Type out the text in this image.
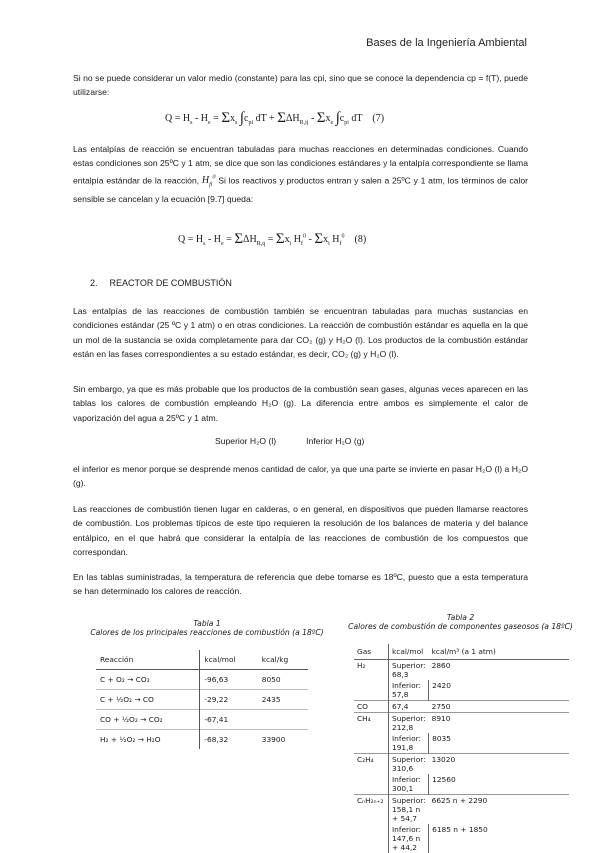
Bases de la Ingeniería Ambiental
Si no se puede considerar un valor medio (constante) para las cpi, sino que se conoce la dependencia cp = f(T), puede utilizarse:
$Q = H_s - H_e = \Sigma x_s$ $\int c_{pi}$ dT + $\Sigma\Delta H_{R,ij} - \Sigma x_e$ $\int c_{pi}$ dT    (7)
Las entalpías de reacción se encuentran tabuladas para muchas reacciones en determinadas condiciones. Cuando estas condiciones son 25ºC y 1 atm, se dice que son las condiciones estándares y la entalpía correspondiente se llama entalpía estándar de la reacción, $H_{fi}^0$ Si los reactivos y productos entran y salen a 25ºC y 1 atm, los términos de calor sensible se cancelan y la ecuación [9.7] queda:
$Q = H_s - H_e = \Sigma\Delta H_{R,q} = \Sigma x_i$ $H_f^0 - \Sigma x_i$ $H_f^0$ (8)
2. REACTOR DE COMBUSTIÓN
Las entalpías de las reacciones de combustión también se encuentran tabuladas para muchas sustancias en condiciones estándar (25 ºC y 1 atm) o en otras condiciones. La reacción de combustión estándar es aquella en la que un mol de la sustancia se oxida completamente para dar CO₂ (g) y H₂O (l). Los productos de la combustión estándar están en las fases correspondientes a su estado estándar, es decir, CO₂ (g) y H₂O (l).
Sin embargo, ya que es más probable que los productos de la combustión sean gases, algunas veces aparecen en las tablas los calores de combustión empleando H₂O (g). La diferencia entre ambos es simplemente el calor de vaporización del agua a 25ºC y 1 atm.
Superior H₂O (l)	Inferior H₂O (g)
el inferior es menor porque se desprende menos cantidad de calor, ya que una parte se invierte en pasar H₂O (l) a H₂O (g).
Las reacciones de combustión tienen lugar en calderas, o en general, en dispositivos que pueden llamarse reactores de combustión. Los problemas típicos de este tipo requieren la resolución de los balances de materia y del balance entálpico, en el que habrá que considerar la entalpía de las reacciones de combustión de los compuestos que correspondan.
En las tablas suministradas, la temperatura de referencia que debe tomarse es 18ºC, puesto que a esta temperatura se han determinado los calores de reacción.
Tabla 1
Calores de los principales reacciones de combustión (a 18ºC)
Reacción	kcal/mol	kcal/kg
C + O₂ → CO₂	-96,63	8050
C + ½O₂ → CO	-29,22	2435
CO + ½O₂ → CO₂	-67,41	
H₂ + ½O₂ → H₂O	-68,32	33900
Tabla 2
Calores de combustión de componentes gaseosos (a 18ºC)
Gas	kcal/mol	kcal/m³ (a 1 atm)
H₂	Superior: 68,3	2860
	Inferior: 57,8	2420
CO	67,4	2750
CH₄	Superior: 212,8	8910
	Inferior: 191,8	8035
C₂H₄	Superior: 310,6	13020
	Inferior: 300,1	12560
CₙH₂ₙ₊₂	Superior: 158,1 n + 54,7	6625 n + 2290
	Inferior: 147,6 n + 44,2	6185 n + 1850
